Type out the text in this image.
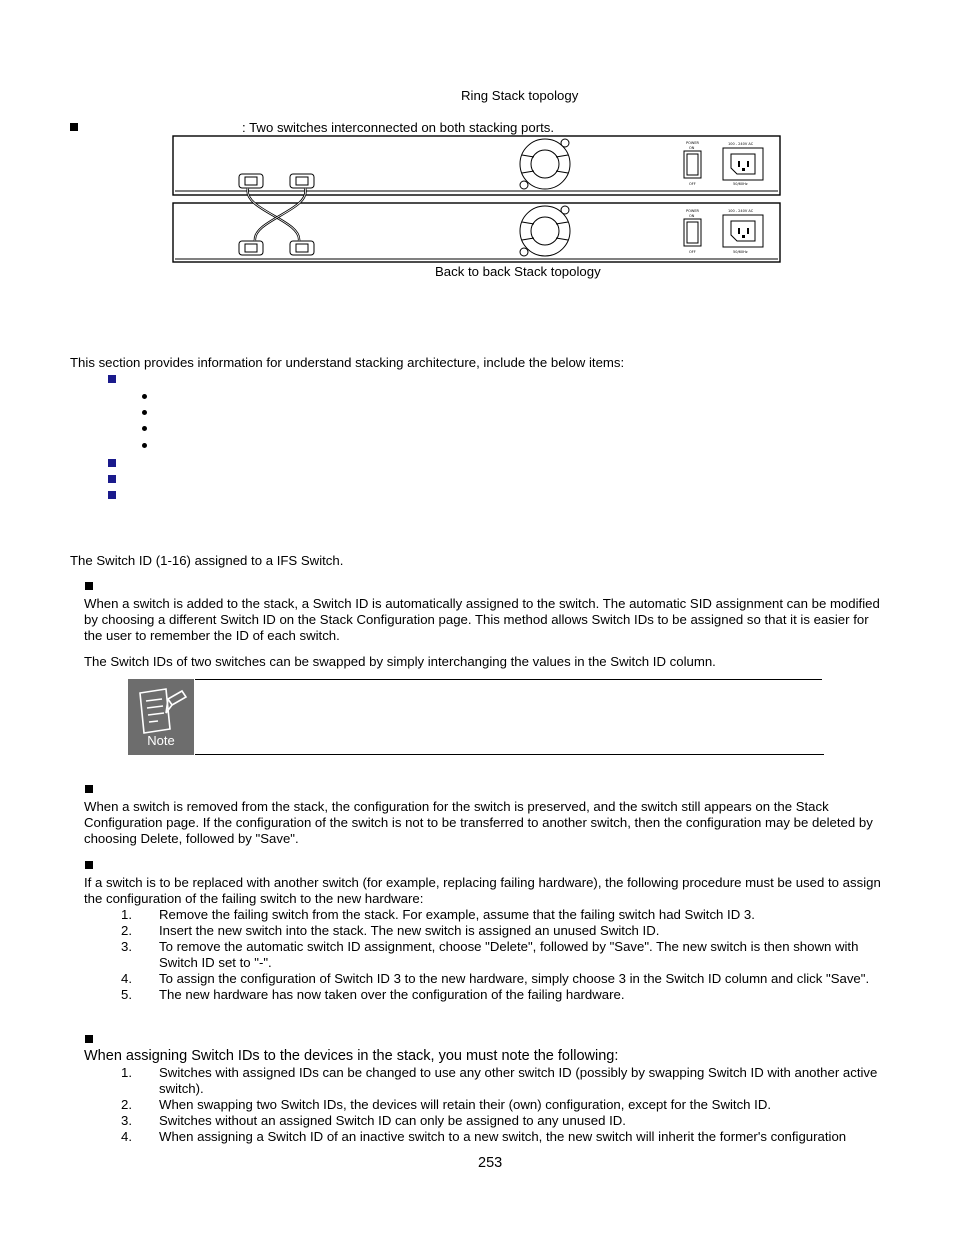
Ring Stack topology
: Two switches interconnected on both stacking ports.
POWER
ON
OFF
100 - 240V AC
50/60Hz
POWER
ON
OFF
100 - 240V AC
50/60Hz
Back to back Stack topology
This section provides information for understand stacking architecture, include the below items:
The Switch ID (1-16) assigned to a IFS Switch.
When a switch is added to the stack, a Switch ID is automatically assigned to the switch. The automatic SID assignment can be modified by choosing a different Switch ID on the Stack Configuration page. This method allows Switch IDs to be assigned so that it is easier for the user to remember the ID of each switch.
The Switch IDs of two switches can be swapped by simply interchanging the values in the Switch ID column.
Note
When a switch is removed from the stack, the configuration for the switch is preserved, and the switch still appears on the Stack Configuration page. If the configuration of the switch is not to be transferred to another switch, then the configuration may be deleted by choosing Delete, followed by "Save".
If a switch is to be replaced with another switch (for example, replacing failing hardware), the following procedure must be used to assign the configuration of the failing switch to the new hardware:
1. Remove the failing switch from the stack. For example, assume that the failing switch had Switch ID 3.
2. Insert the new switch into the stack. The new switch is assigned an unused Switch ID.
3. To remove the automatic switch ID assignment, choose "Delete", followed by "Save". The new switch is then shown with Switch ID set to "-".
4. To assign the configuration of Switch ID 3 to the new hardware, simply choose 3 in the Switch ID column and click "Save".
5. The new hardware has now taken over the configuration of the failing hardware.
When assigning Switch IDs to the devices in the stack, you must note the following:
1. Switches with assigned IDs can be changed to use any other switch ID (possibly by swapping Switch ID with another active switch).
2. When swapping two Switch IDs, the devices will retain their (own) configuration, except for the Switch ID.
3. Switches without an assigned Switch ID can only be assigned to any unused ID.
4. When assigning a Switch ID of an inactive switch to a new switch, the new switch will inherit the former's configuration
253
